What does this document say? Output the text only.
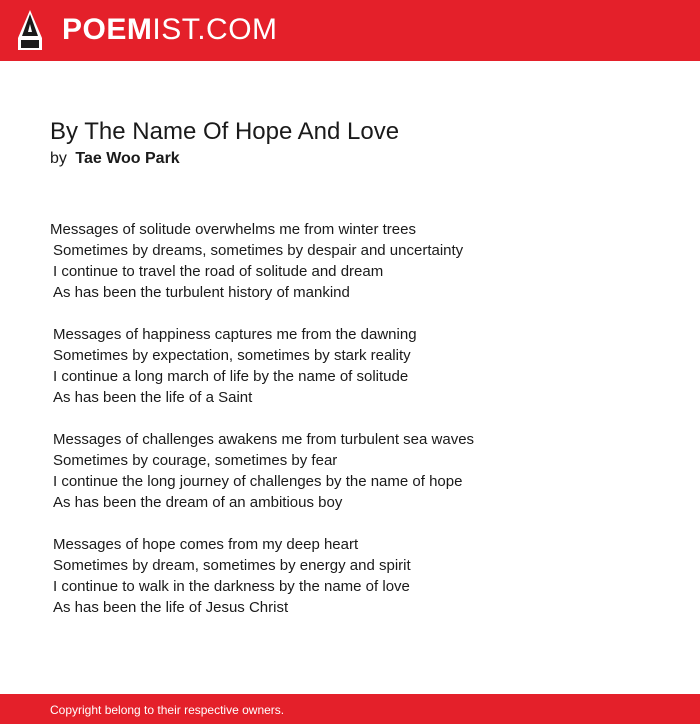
POEMIST.COM
By The Name Of Hope And Love
by Tae Woo Park
Messages of solitude overwhelms me from winter trees
Sometimes by dreams, sometimes by despair and uncertainty
I continue to travel the road of solitude and dream
As has been the turbulent history of mankind
Messages of happiness captures me from the dawning
Sometimes by expectation, sometimes by stark reality
I continue a long march of life by the name of solitude
As has been the life of a Saint
Messages of challenges awakens me from turbulent sea waves
Sometimes by courage, sometimes by fear
I continue the long journey of challenges by the name of hope
As has been the dream of an ambitious boy
Messages of hope comes from my deep heart
Sometimes by dream, sometimes by energy and spirit
I continue to walk in the darkness by the name of love
As has been the life of Jesus Christ
Copyright belong to their respective owners.
